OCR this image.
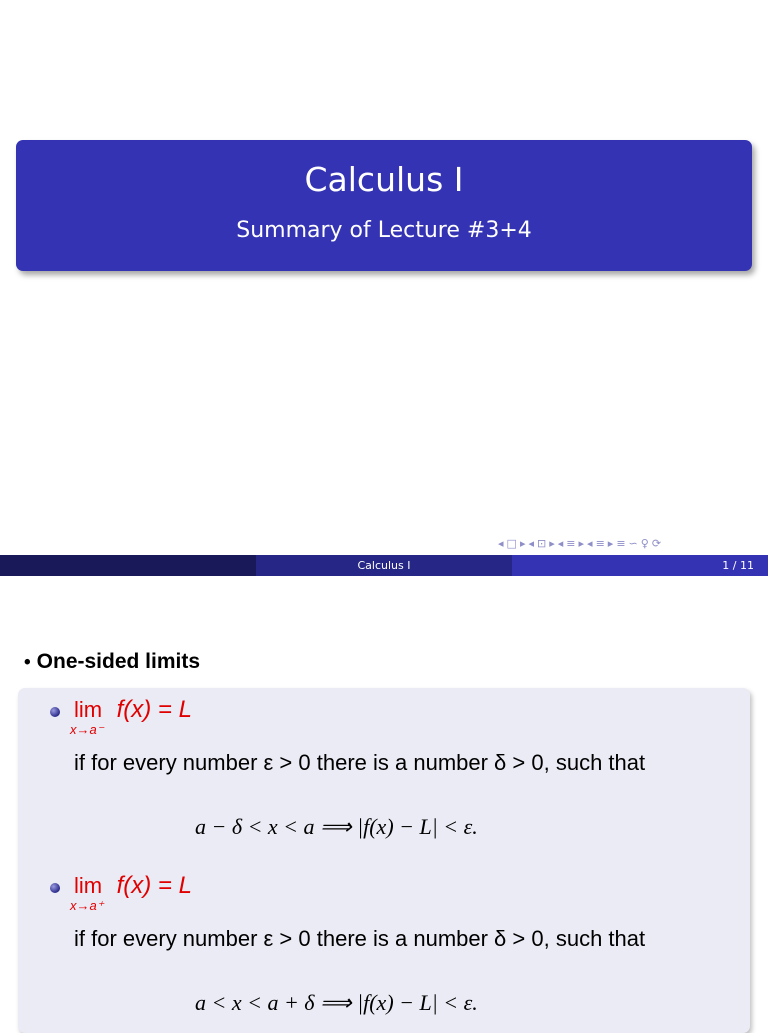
Calculus I
Summary of Lecture #3+4
◂ □ ▸ ◂ ⊡ ▸ ◂ ≡ ▸ ◂ ≡ ▸ ≡ ∽ ♀ ⟳
Calculus I	1 / 11
• One-sided limits
lim
x→a⁻
f(x) = L
if for every number ε > 0 there is a number δ > 0, such that
a − δ < x < a ⟹ |f(x) − L| < ε.
lim
x→a⁺
f(x) = L
if for every number ε > 0 there is a number δ > 0, such that
a < x < a + δ ⟹ |f(x) − L| < ε.
